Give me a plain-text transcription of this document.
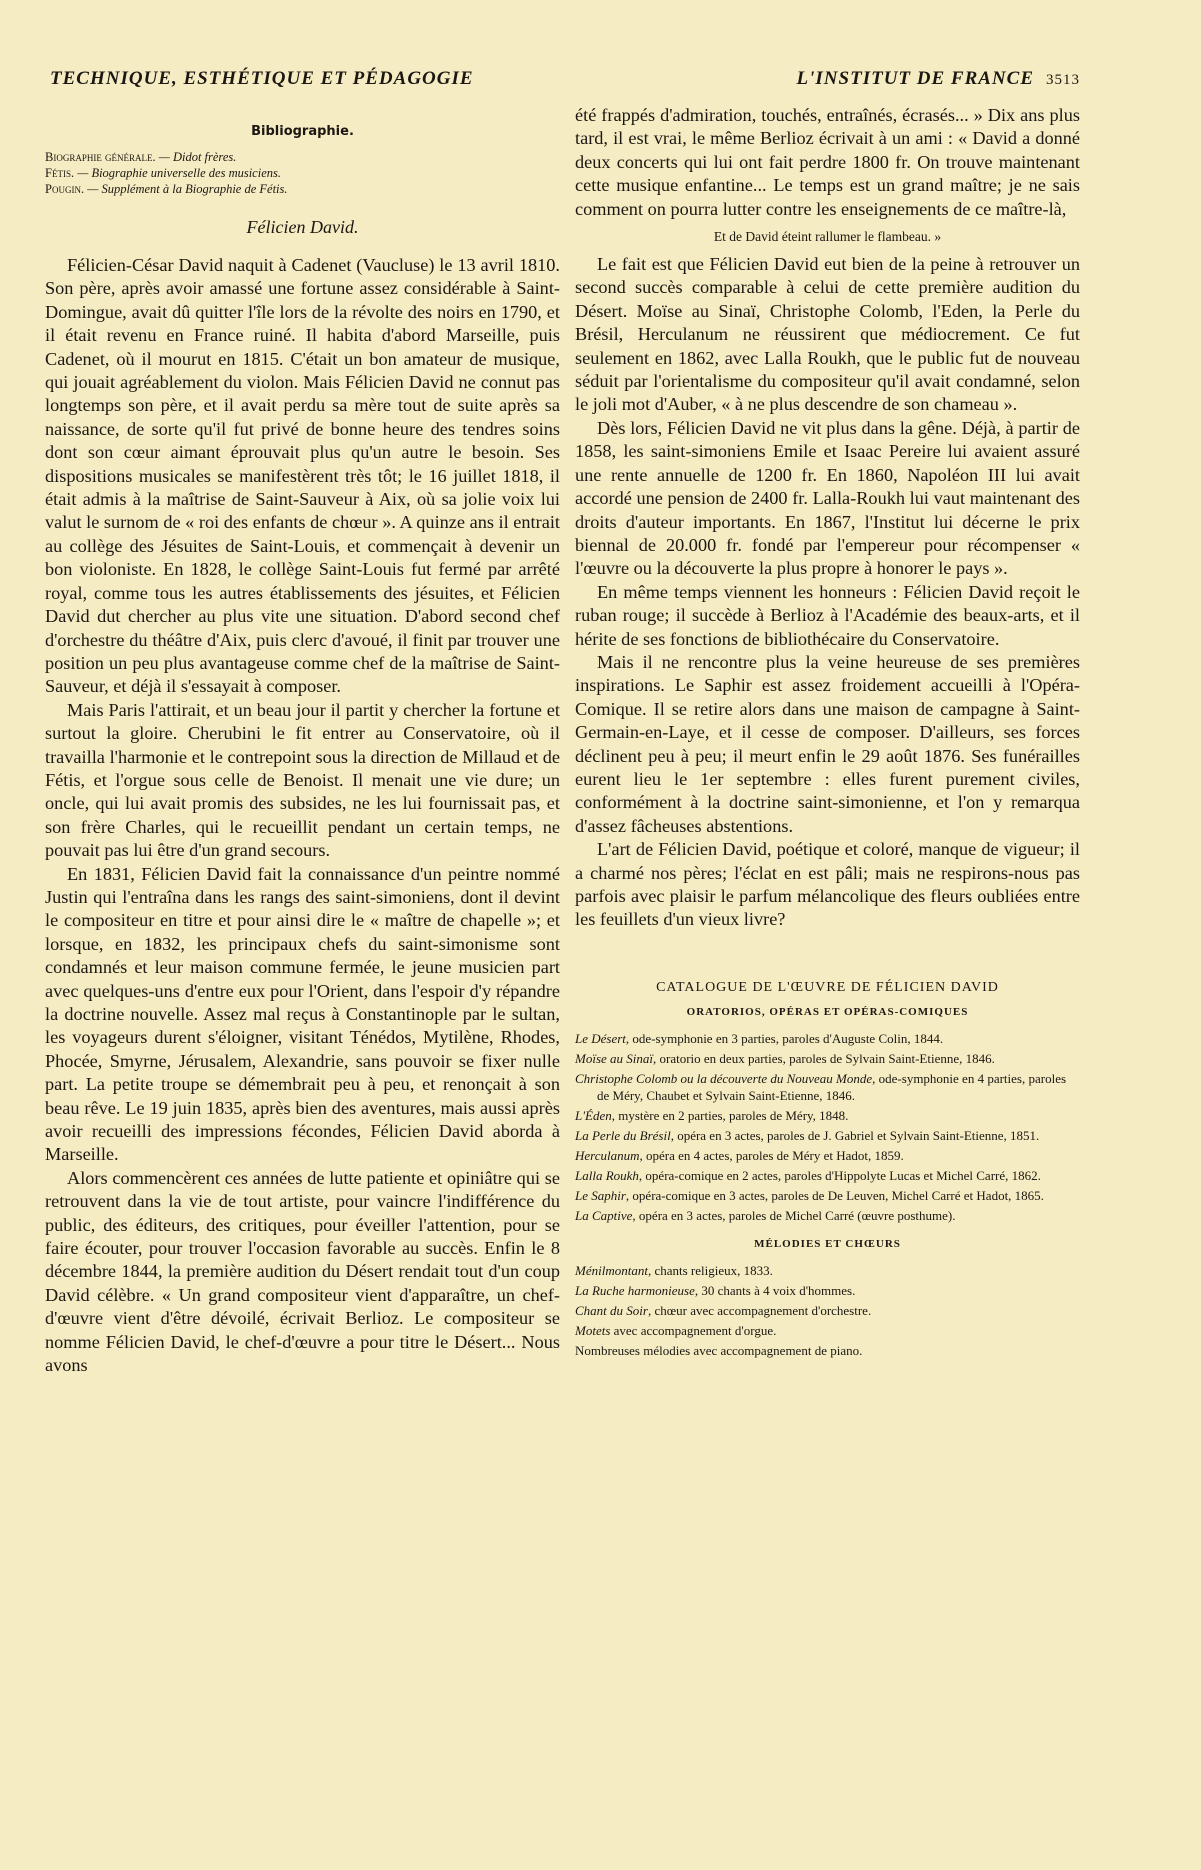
TECHNIQUE, ESTHÉTIQUE ET PÉDAGOGIE	L'INSTITUT DE FRANCE 3513
Bibliographie.

Biographie générale. — Didot frères.

Fétis. — Biographie universelle des musiciens.

Pougin. — Supplément à la Biographie de Fétis.

Félicien David.

Félicien-César David naquit à Cadenet (Vaucluse) le 13 avril 1810. Son père, après avoir amassé une fortune assez considérable à Saint-Domingue, avait dû quitter l'île lors de la révolte des noirs en 1790, et il était revenu en France ruiné. Il habita d'abord Marseille, puis Cadenet, où il mourut en 1815. C'était un bon amateur de musique, qui jouait agréablement du violon. Mais Félicien David ne connut pas longtemps son père, et il avait perdu sa mère tout de suite après sa naissance, de sorte qu'il fut privé de bonne heure des tendres soins dont son cœur aimant éprouvait plus qu'un autre le besoin. Ses dispositions musicales se manifestèrent très tôt; le 16 juillet 1818, il était admis à la maîtrise de Saint-Sauveur à Aix, où sa jolie voix lui valut le surnom de « roi des enfants de chœur ». A quinze ans il entrait au collège des Jésuites de Saint-Louis, et commençait à devenir un bon violoniste. En 1828, le collège Saint-Louis fut fermé par arrêté royal, comme tous les autres établissements des jésuites, et Félicien David dut chercher au plus vite une situation. D'abord second chef d'orchestre du théâtre d'Aix, puis clerc d'avoué, il finit par trouver une position un peu plus avantageuse comme chef de la maîtrise de Saint-Sauveur, et déjà il s'essayait à composer.

Mais Paris l'attirait, et un beau jour il partit y chercher la fortune et surtout la gloire. Cherubini le fit entrer au Conservatoire, où il travailla l'harmonie et le contrepoint sous la direction de Millaud et de Fétis, et l'orgue sous celle de Benoist. Il menait une vie dure; un oncle, qui lui avait promis des subsides, ne les lui fournissait pas, et son frère Charles, qui le recueillit pendant un certain temps, ne pouvait pas lui être d'un grand secours.

En 1831, Félicien David fait la connaissance d'un peintre nommé Justin qui l'entraîna dans les rangs des saint-simoniens, dont il devint le compositeur en titre et pour ainsi dire le « maître de chapelle »; et lorsque, en 1832, les principaux chefs du saint-simonisme sont condamnés et leur maison commune fermée, le jeune musicien part avec quelques-uns d'entre eux pour l'Orient, dans l'espoir d'y répandre la doctrine nouvelle. Assez mal reçus à Constantinople par le sultan, les voyageurs durent s'éloigner, visitant Ténédos, Mytilène, Rhodes, Phocée, Smyrne, Jérusalem, Alexandrie, sans pouvoir se fixer nulle part. La petite troupe se démembrait peu à peu, et renonçait à son beau rêve. Le 19 juin 1835, après bien des aventures, mais aussi après avoir recueilli des impressions fécondes, Félicien David aborda à Marseille.

Alors commencèrent ces années de lutte patiente et opiniâtre qui se retrouvent dans la vie de tout artiste, pour vaincre l'indifférence du public, des éditeurs, des critiques, pour éveiller l'attention, pour se faire écouter, pour trouver l'occasion favorable au succès. Enfin le 8 décembre 1844, la première audition du Désert rendait tout d'un coup David célèbre. « Un grand compositeur vient d'apparaître, un chef-d'œuvre vient d'être dévoilé, écrivait Berlioz. Le compositeur se nomme Félicien David, le chef-d'œuvre a pour titre le Désert... Nous avons

été frappés d'admiration, touchés, entraînés, écrasés... » Dix ans plus tard, il est vrai, le même Berlioz écrivait à un ami : « David a donné deux concerts qui lui ont fait perdre 1800 fr. On trouve maintenant cette musique enfantine... Le temps est un grand maître; je ne sais comment on pourra lutter contre les enseignements de ce maître-là,

Et de David éteint rallumer le flambeau. »

Le fait est que Félicien David eut bien de la peine à retrouver un second succès comparable à celui de cette première audition du Désert. Moïse au Sinaï, Christophe Colomb, l'Eden, la Perle du Brésil, Herculanum ne réussirent que médiocrement. Ce fut seulement en 1862, avec Lalla Roukh, que le public fut de nouveau séduit par l'orientalisme du compositeur qu'il avait condamné, selon le joli mot d'Auber, « à ne plus descendre de son chameau ».

Dès lors, Félicien David ne vit plus dans la gêne. Déjà, à partir de 1858, les saint-simoniens Emile et Isaac Pereire lui avaient assuré une rente annuelle de 1200 fr. En 1860, Napoléon III lui avait accordé une pension de 2400 fr. Lalla-Roukh lui vaut maintenant des droits d'auteur importants. En 1867, l'Institut lui décerne le prix biennal de 20.000 fr. fondé par l'empereur pour récompenser « l'œuvre ou la découverte la plus propre à honorer le pays ».

En même temps viennent les honneurs : Félicien David reçoit le ruban rouge; il succède à Berlioz à l'Académie des beaux-arts, et il hérite de ses fonctions de bibliothécaire du Conservatoire.

Mais il ne rencontre plus la veine heureuse de ses premières inspirations. Le Saphir est assez froidement accueilli à l'Opéra-Comique. Il se retire alors dans une maison de campagne à Saint-Germain-en-Laye, et il cesse de composer. D'ailleurs, ses forces déclinent peu à peu; il meurt enfin le 29 août 1876. Ses funérailles eurent lieu le 1er septembre : elles furent purement civiles, conformément à la doctrine saint-simonienne, et l'on y remarqua d'assez fâcheuses abstentions.

L'art de Félicien David, poétique et coloré, manque de vigueur; il a charmé nos pères; l'éclat en est pâli; mais ne respirons-nous pas parfois avec plaisir le parfum mélancolique des fleurs oubliées entre les feuillets d'un vieux livre?

CATALOGUE DE L'ŒUVRE DE FÉLICIEN DAVID
ORATORIOS, OPÉRAS ET OPÉRAS-COMIQUES

Le Désert, ode-symphonie en 3 parties, paroles d'Auguste Colin, 1844.

Moïse au Sinaï, oratorio en deux parties, paroles de Sylvain Saint-Etienne, 1846.

Christophe Colomb ou la découverte du Nouveau Monde, ode-symphonie en 4 parties, paroles de Méry, Chaubet et Sylvain Saint-Etienne, 1846.

L'Éden, mystère en 2 parties, paroles de Méry, 1848.

La Perle du Brésil, opéra en 3 actes, paroles de J. Gabriel et Sylvain Saint-Etienne, 1851.

Herculanum, opéra en 4 actes, paroles de Méry et Hadot, 1859.

Lalla Roukh, opéra-comique en 2 actes, paroles d'Hippolyte Lucas et Michel Carré, 1862.

Le Saphir, opéra-comique en 3 actes, paroles de De Leuven, Michel Carré et Hadot, 1865.

La Captive, opéra en 3 actes, paroles de Michel Carré (œuvre posthume).

MÉLODIES ET CHŒURS

Ménilmontant, chants religieux, 1833.

La Ruche harmonieuse, 30 chants à 4 voix d'hommes.

Chant du Soir, chœur avec accompagnement d'orchestre.

Motets avec accompagnement d'orgue.

Nombreuses mélodies avec accompagnement de piano.
